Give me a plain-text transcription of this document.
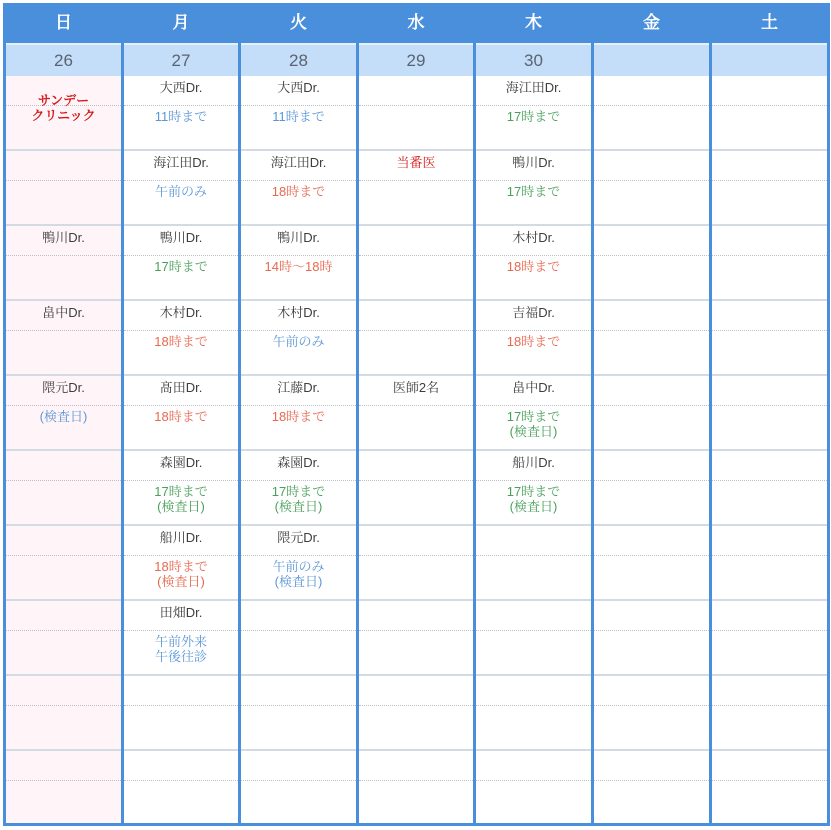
日
26
サンデー
クリニック
鴨川Dr.
畠中Dr.
隈元Dr.
(検査日)
月
27
大西Dr.
11時まで
海江田Dr.
午前のみ
鴨川Dr.
17時まで
木村Dr.
18時まで
髙田Dr.
18時まで
森園Dr.
17時まで
(検査日)
船川Dr.
18時まで
(検査日)
田畑Dr.
午前外来
午後往診
火
28
大西Dr.
11時まで
海江田Dr.
18時まで
鴨川Dr.
14時～18時
木村Dr.
午前のみ
江藤Dr.
18時まで
森園Dr.
17時まで
(検査日)
隈元Dr.
午前のみ
(検査日)
水
29
当番医
医師2名
木
30
海江田Dr.
17時まで
鴨川Dr.
17時まで
木村Dr.
18時まで
吉福Dr.
18時まで
畠中Dr.
17時まで
(検査日)
船川Dr.
17時まで
(検査日)
金	土
